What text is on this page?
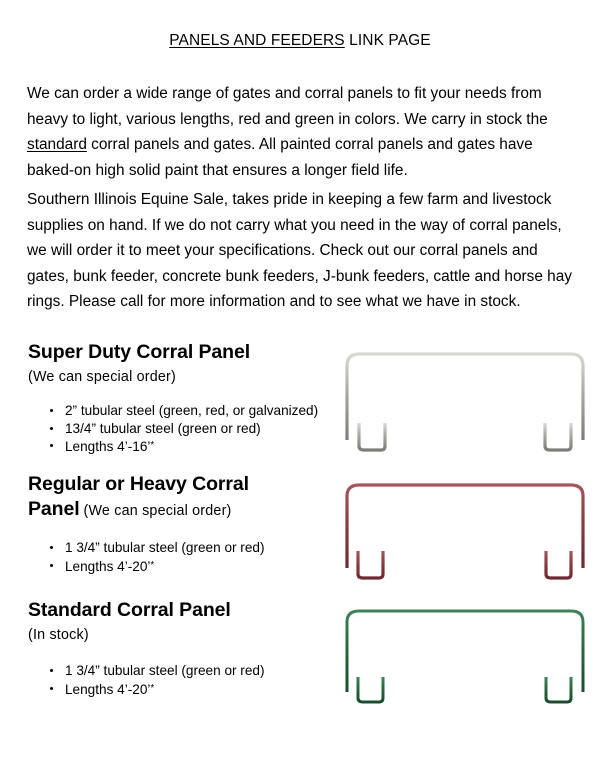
PANELS AND FEEDERS LINK PAGE

We can order a wide range of gates and corral panels to fit your needs from heavy to light, various lengths, red and green in colors. We carry in stock the standard corral panels and gates. All painted corral panels and gates have baked-on high solid paint that ensures a longer field life.

Southern Illinois Equine Sale, takes pride in keeping a few farm and livestock supplies on hand. If we do not carry what you need in the way of corral panels, we will order it to meet your specifications. Check out our corral panels and gates, bunk feeder, concrete bunk feeders, J-bunk feeders, cattle and horse hay rings. Please call for more information and to see what we have in stock.

Super Duty Corral Panel
(We can special order)
2” tubular steel (green, red, or galvanized)
13/4” tubular steel (green or red)
Lengths 4’-16’*
Regular or Heavy Corral
Panel (We can special order)
1 3/4” tubular steel (green or red)
Lengths 4’-20’*
Standard Corral Panel
(In stock)
1 3/4” tubular steel (green or red)
Lengths 4’-20’*
